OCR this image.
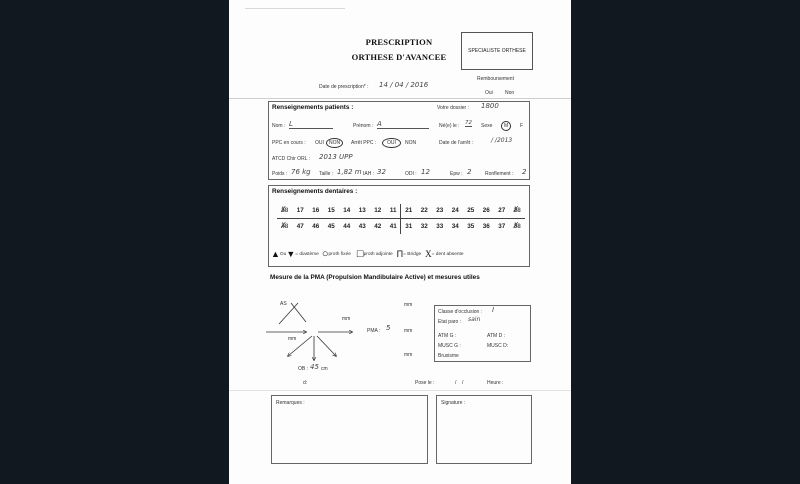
PRESCRIPTION
ORTHESE D'AVANCEE
SPECIALISTE ORTHESE
Remboursement
Oui Non
Date de prescription* : 14 / 04 / 2016
Renseignements patients :	Votre dossier : 1800
Nom : L	Prénom : A	Né(e) le : 72 Sexe	M	F
PPC en cours : OUI	NON	Arrêt PPC :	OUI	NON	Date de l'arrêt :	/ /2013
ATCD Chir ORL : 2013 UPP
Poids : 76 kg Taille : 1,82 m IAH : 32	ODI : 12	Epw : 2	Ronflement : 2
Renseignements dentaires :
18 ✗	17	16	15	14	13	12	11	21	22	23	24	25	26	27	28 ✗
48 ✗	47	46	45	44	43	42	41	31	32	33	34	35	36	37	38 ✗
▲ Ou ▼ = diastème ○ proth fixée □ proth adjointe Π = Bridge X = dent absente
Mesure de la PMA (Propulsion Mandibulaire Active) et mesures utiles
AS
mm
mm
mm
PMA : 5	mm
mm
OB : 45 cm
d:
Classe d'occlusion : I
Etat paro : sain
ATM G :	ATM D :
MUSC G :	MUSC D:
Bruxisme
Pose le :	/    /	Heure :
Remarques :	Signature :
